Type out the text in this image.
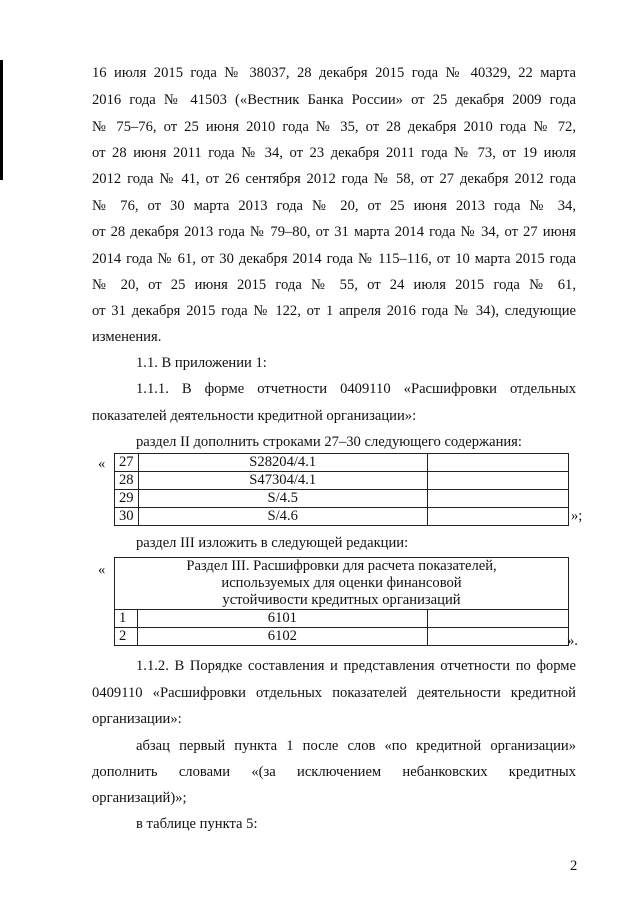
16 июля 2015 года № 38037, 28 декабря 2015 года № 40329, 22 марта
2016 года № 41503 («Вестник Банка России» от 25 декабря 2009 года
№ 75–76, от 25 июня 2010 года № 35, от 28 декабря 2010 года № 72,
от 28 июня 2011 года № 34, от 23 декабря 2011 года № 73, от 19 июля
2012 года № 41, от 26 сентября 2012 года № 58, от 27 декабря 2012 года
№ 76, от 30 марта 2013 года № 20, от 25 июня 2013 года № 34,
от 28 декабря 2013 года № 79–80, от 31 марта 2014 года № 34, от 27 июня
2014 года № 61, от 30 декабря 2014 года № 115–116, от 10 марта 2015 года
№ 20, от 25 июня 2015 года № 55, от 24 июля 2015 года № 61,
от 31 декабря 2015 года № 122, от 1 апреля 2016 года № 34), следующие
изменения.
1.1. В приложении 1:
1.1.1. В форме отчетности 0409110 «Расшифровки отдельных
показателей деятельности кредитной организации»:
раздел II дополнить строками 27–30 следующего содержания:
« 27	S28204/4.1	
28	S47304/4.1	
29	S/4.5	
30	S/4.6		»;
раздел III изложить в следующей редакции:
«	Раздел III. Расшифровки для расчета показателей,
используемых для оценки финансовой
устойчивости кредитных организаций		

1	6101	
2	6102		».
1.1.2. В Порядке составления и представления отчетности по форме
0409110 «Расшифровки отдельных показателей деятельности кредитной
организации»:
абзац первый пункта 1 после слов «по кредитной организации»
дополнить словами «(за исключением небанковских кредитных
организаций)»;
в таблице пункта 5:
2
